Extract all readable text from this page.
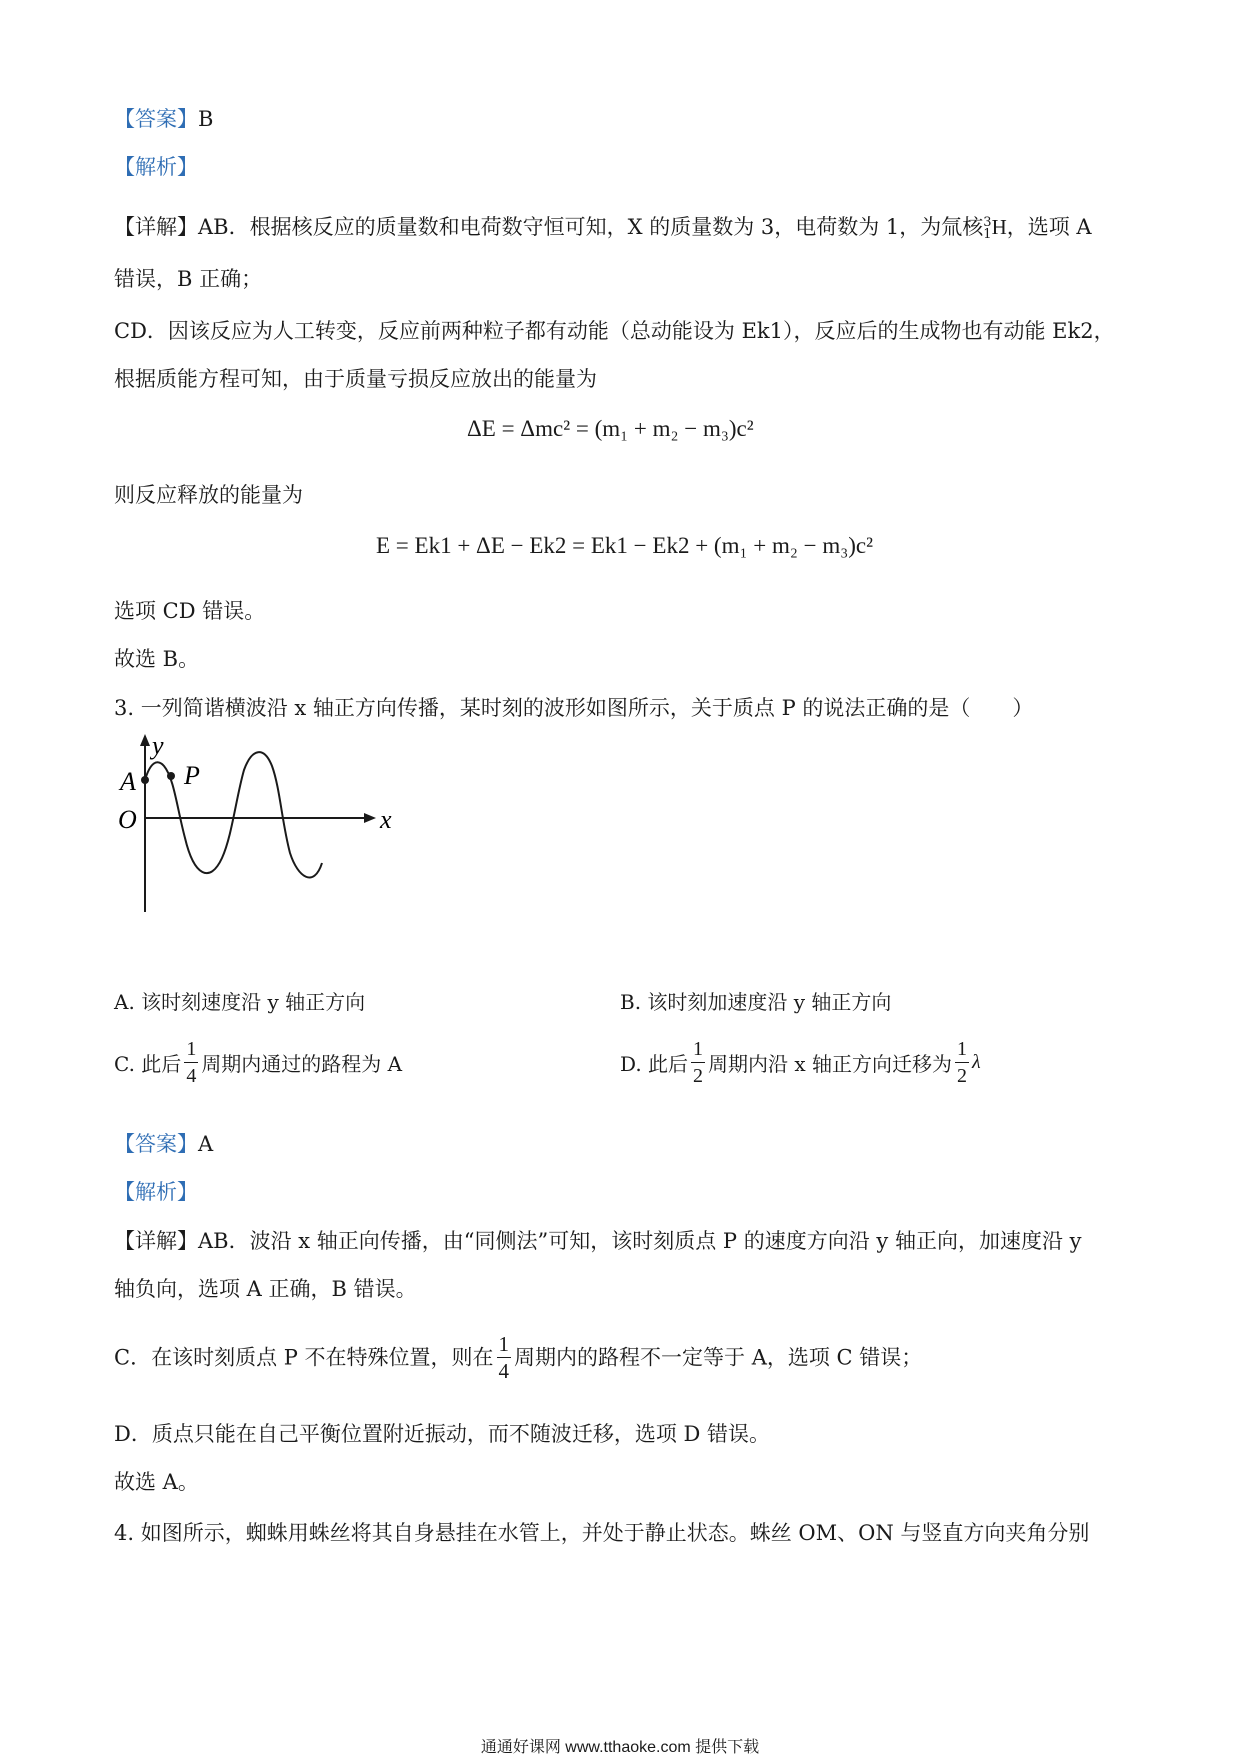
【答案】B
【解析】
【详解】AB．根据核反应的质量数和电荷数守恒可知，X 的质量数为 3，电荷数为 1，为氚核 3
1 H，选项 A
错误，B 正确；
CD．因该反应为人工转变，反应前两种粒子都有动能（总动能设为 Ek1），反应后的生成物也有动能 Ek2，
根据质能方程可知，由于质量亏损反应放出的能量为
ΔE = Δmc² = (m₁ + m₂ − m₃)c²
则反应释放的能量为
E = Ek1 + ΔE − Ek2 = Ek1 − Ek2 + (m₁ + m₂ − m₃)c²
选项 CD 错误。
故选 B。
3. 一列简谐横波沿 x 轴正方向传播，某时刻的波形如图所示，关于质点 P 的说法正确的是（　　）
y
x
O
A P
A. 该时刻速度沿 y 轴正方向	B. 该时刻加速度沿 y 轴正方向
C. 此后 $\frac{1}{4}$ 周期内通过的路程为 A	D. 此后 $\frac{1}{2}$ 周期内沿 x 轴正方向迁移为 $\frac{1}{2}$ λ
【答案】A
【解析】
【详解】AB．波沿 x 轴正向传播，由“同侧法”可知，该时刻质点 P 的速度方向沿 y 轴正向，加速度沿 y
轴负向，选项 A 正确，B 错误。
C．在该时刻质点 P 不在特殊位置，则在 $\frac{1}{4}$ 周期内的路程不一定等于 A，选项 C 错误；
D．质点只能在自己平衡位置附近振动，而不随波迁移，选项 D 错误。
故选 A。
4. 如图所示，蜘蛛用蛛丝将其自身悬挂在水管上，并处于静止状态。蛛丝 OM、ON 与竖直方向夹角分别
通通好课网 www.tthaoke.com 提供下载
